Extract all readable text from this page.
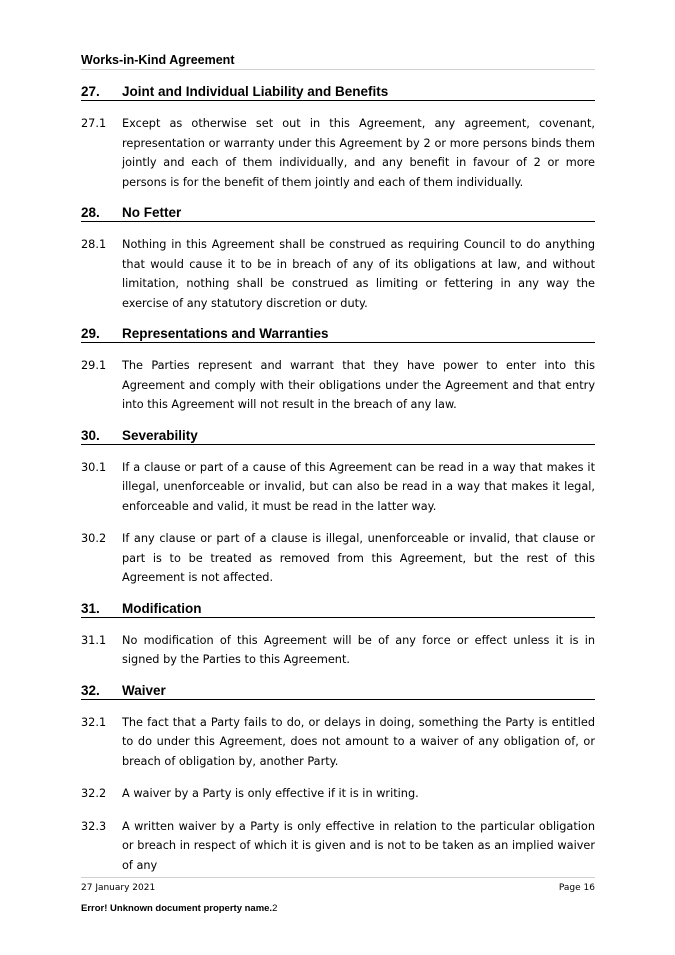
Works-in-Kind Agreement
27.	Joint and Individual Liability and Benefits
27.1	Except as otherwise set out in this Agreement, any agreement, covenant, representation or warranty under this Agreement by 2 or more persons binds them jointly and each of them individually, and any benefit in favour of 2 or more persons is for the benefit of them jointly and each of them individually.
28.	No Fetter
28.1	Nothing in this Agreement shall be construed as requiring Council to do anything that would cause it to be in breach of any of its obligations at law, and without limitation, nothing shall be construed as limiting or fettering in any way the exercise of any statutory discretion or duty.
29.	Representations and Warranties
29.1	The Parties represent and warrant that they have power to enter into this Agreement and comply with their obligations under the Agreement and that entry into this Agreement will not result in the breach of any law.
30.	Severability
30.1	If a clause or part of a cause of this Agreement can be read in a way that makes it illegal, unenforceable or invalid, but can also be read in a way that makes it legal, enforceable and valid, it must be read in the latter way.
30.2	If any clause or part of a clause is illegal, unenforceable or invalid, that clause or part is to be treated as removed from this Agreement, but the rest of this Agreement is not affected.
31.	Modification
31.1	No modification of this Agreement will be of any force or effect unless it is in signed by the Parties to this Agreement.
32.	Waiver
32.1	The fact that a Party fails to do, or delays in doing, something the Party is entitled to do under this Agreement, does not amount to a waiver of any obligation of, or breach of obligation by, another Party.
32.2	A waiver by a Party is only effective if it is in writing.
32.3	A written waiver by a Party is only effective in relation to the particular obligation or breach in respect of which it is given and is not to be taken as an implied waiver of any
27 January 2021	Page 16
Error! Unknown document property name.2
